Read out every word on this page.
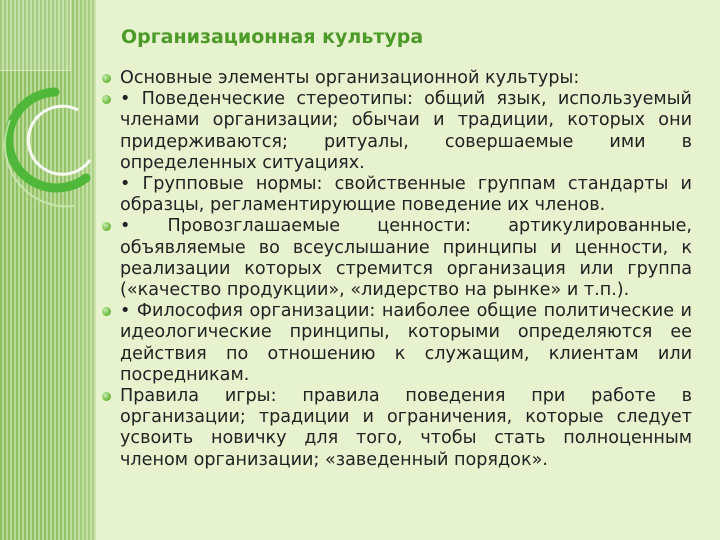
Организационная культура

Основные элементы организационной культуры:

• Поведенческие стереотипы: общий язык, используемый членами организации; обычаи и традиции, которых они придерживаются; ритуалы, совершаемые ими в определенных ситуациях.

• Групповые нормы: свойственные группам стандарты и образцы, регламентирующие поведение их членов.

• Провозглашаемые ценности: артикулированные, объявляемые во всеуслышание принципы и ценности, к реализации которых стремится организация или группа («качество продукции», «лидерство на рынке» и т.п.).

• Философия организации: наиболее общие политические и идеологические принципы, которыми определяются ее действия по отношению к служащим, клиентам или посредникам.

Правила игры: правила поведения при работе в организации; традиции и ограничения, которые следует усвоить новичку для того, чтобы стать полноценным членом организации; «заведенный порядок».
